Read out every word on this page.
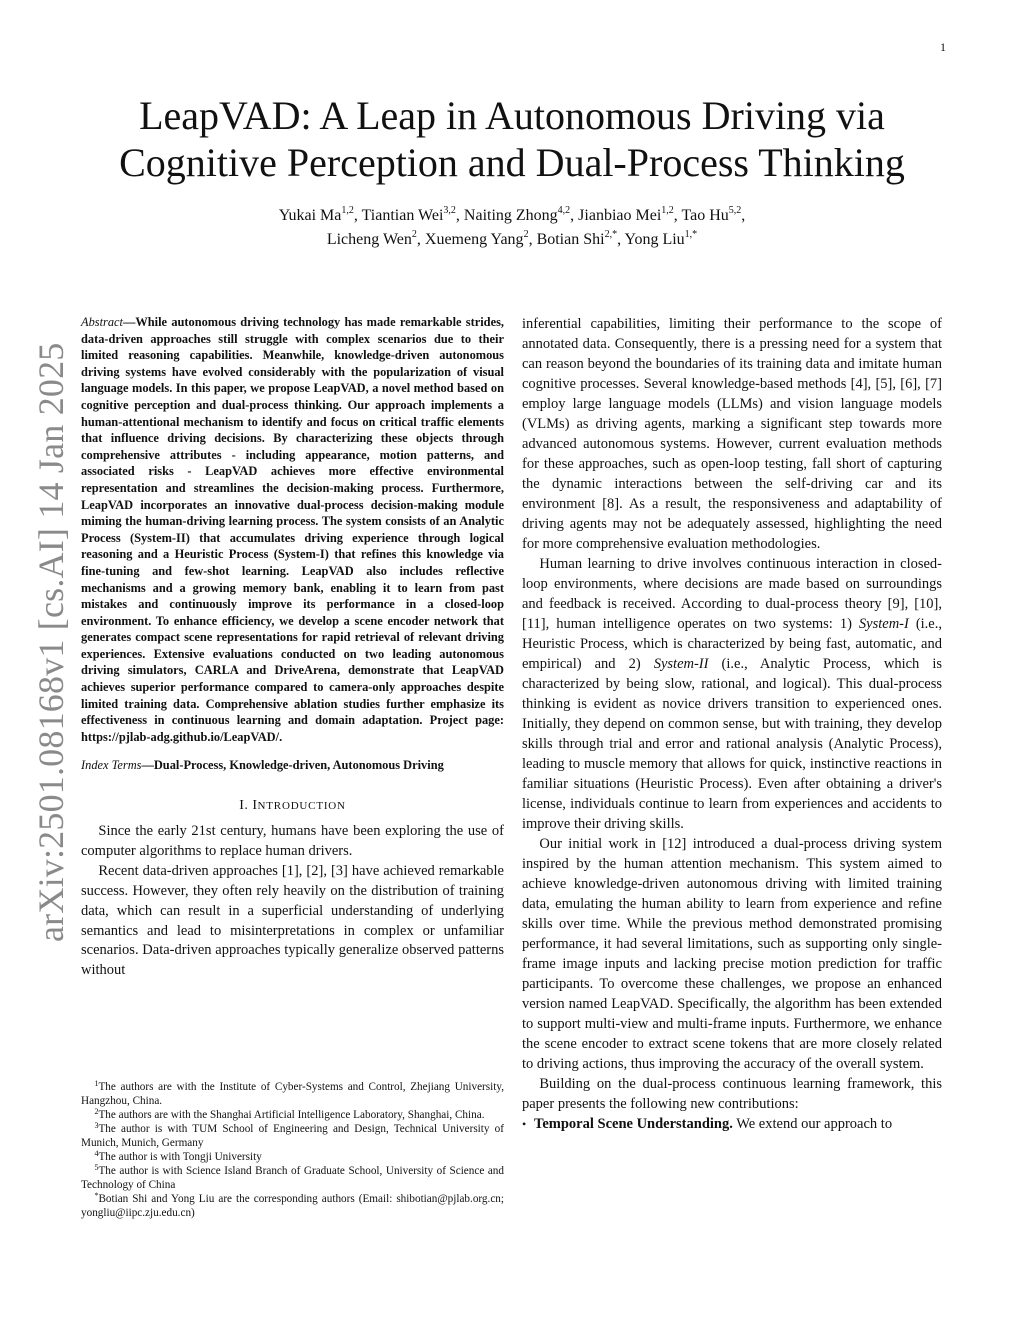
1
arXiv:2501.08168v1 [cs.AI] 14 Jan 2025
LeapVAD: A Leap in Autonomous Driving via
Cognitive Perception and Dual-Process Thinking
Yukai Ma$^{1,2}$, Tiantian Wei$^{3,2}$, Naiting Zhong$^{4,2}$, Jianbiao Mei$^{1,2}$, Tao Hu$^{5,2}$,
Licheng Wen$^2$, Xuemeng Yang$^2$, Botian Shi$^{2,*}$, Yong Liu$^{1,*}$

Abstract—While autonomous driving technology has made remarkable strides, data-driven approaches still struggle with complex scenarios due to their limited reasoning capabilities. Meanwhile, knowledge-driven autonomous driving systems have evolved considerably with the popularization of visual language models. In this paper, we propose LeapVAD, a novel method based on cognitive perception and dual-process thinking. Our approach implements a human-attentional mechanism to identify and focus on critical traffic elements that influence driving decisions. By characterizing these objects through comprehensive attributes - including appearance, motion patterns, and associated risks - LeapVAD achieves more effective environmental representation and streamlines the decision-making process. Furthermore, LeapVAD incorporates an innovative dual-process decision-making module miming the human-driving learning process. The system consists of an Analytic Process (System-II) that accumulates driving experience through logical reasoning and a Heuristic Process (System-I) that refines this knowledge via fine-tuning and few-shot learning. LeapVAD also includes reflective mechanisms and a growing memory bank, enabling it to learn from past mistakes and continuously improve its performance in a closed-loop environment. To enhance efficiency, we develop a scene encoder network that generates compact scene representations for rapid retrieval of relevant driving experiences. Extensive evaluations conducted on two leading autonomous driving simulators, CARLA and DriveArena, demonstrate that LeapVAD achieves superior performance compared to camera-only approaches despite limited training data. Comprehensive ablation studies further emphasize its effectiveness in continuous learning and domain adaptation. Project page: https://pjlab-adg.github.io/LeapVAD/.

Index Terms—Dual-Process, Knowledge-driven, Autonomous Driving

I. INTRODUCTION

Since the early 21st century, humans have been exploring the use of computer algorithms to replace human drivers.

Recent data-driven approaches [1], [2], [3] have achieved remarkable success. However, they often rely heavily on the distribution of training data, which can result in a superficial understanding of underlying semantics and lead to misinterpretations in complex or unfamiliar scenarios. Data-driven approaches typically generalize observed patterns without

$^1$The authors are with the Institute of Cyber-Systems and Control, Zhejiang University, Hangzhou, China.

$^2$The authors are with the Shanghai Artificial Intelligence Laboratory, Shanghai, China.

$^3$The author is with TUM School of Engineering and Design, Technical University of Munich, Munich, Germany

$^4$The author is with Tongji University

$^5$The author is with Science Island Branch of Graduate School, University of Science and Technology of China

*Botian Shi and Yong Liu are the corresponding authors (Email: shibotian@pjlab.org.cn; yongliu@iipc.zju.edu.cn)

inferential capabilities, limiting their performance to the scope of annotated data. Consequently, there is a pressing need for a system that can reason beyond the boundaries of its training data and imitate human cognitive processes. Several knowledge-based methods [4], [5], [6], [7] employ large language models (LLMs) and vision language models (VLMs) as driving agents, marking a significant step towards more advanced autonomous systems. However, current evaluation methods for these approaches, such as open-loop testing, fall short of capturing the dynamic interactions between the self-driving car and its environment [8]. As a result, the responsiveness and adaptability of driving agents may not be adequately assessed, highlighting the need for more comprehensive evaluation methodologies.

Human learning to drive involves continuous interaction in closed-loop environments, where decisions are made based on surroundings and feedback is received. According to dual-process theory [9], [10], [11], human intelligence operates on two systems: 1) System-I (i.e., Heuristic Process, which is characterized by being fast, automatic, and empirical) and 2) System-II (i.e., Analytic Process, which is characterized by being slow, rational, and logical). This dual-process thinking is evident as novice drivers transition to experienced ones. Initially, they depend on common sense, but with training, they develop skills through trial and error and rational analysis (Analytic Process), leading to muscle memory that allows for quick, instinctive reactions in familiar situations (Heuristic Process). Even after obtaining a driver's license, individuals continue to learn from experiences and accidents to improve their driving skills.

Our initial work in [12] introduced a dual-process driving system inspired by the human attention mechanism. This system aimed to achieve knowledge-driven autonomous driving with limited training data, emulating the human ability to learn from experience and refine skills over time. While the previous method demonstrated promising performance, it had several limitations, such as supporting only single-frame image inputs and lacking precise motion prediction for traffic participants. To overcome these challenges, we propose an enhanced version named LeapVAD. Specifically, the algorithm has been extended to support multi-view and multi-frame inputs. Furthermore, we enhance the scene encoder to extract scene tokens that are more closely related to driving actions, thus improving the accuracy of the overall system.

Building on the dual-process continuous learning framework, this paper presents the following new contributions:

• Temporal Scene Understanding. We extend our approach to
